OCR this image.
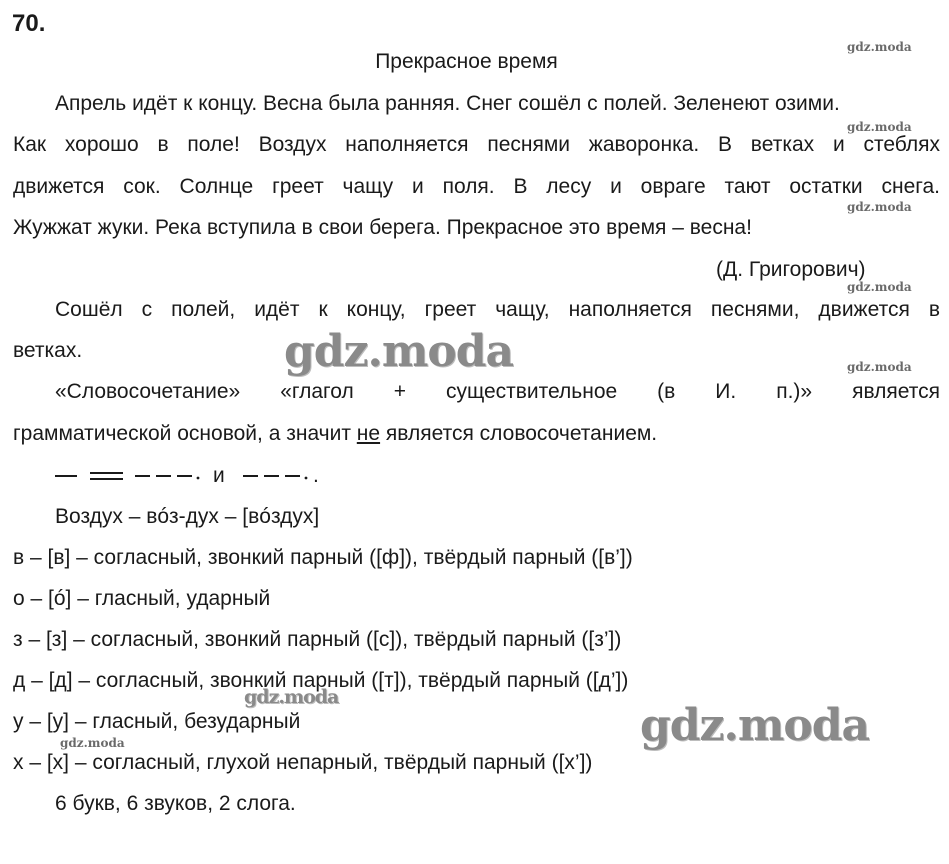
70.
Прекрасное время
Апрель идёт к концу. Весна была ранняя. Снег сошёл с полей. Зеленеют озими.
Как хорошо в поле! Воздух наполняется песнями жаворонка. В ветках и стеблях
движется сок. Солнце греет чащу и поля. В лесу и овраге тают остатки снега.
Жужжат жуки. Река вступила в свои берега. Прекрасное это время – весна!
(Д. Григорович)
Сошёл с полей, идёт к концу, греет чащу, наполняется песнями, движется в
ветках.
«Словосочетание» «глагол + существительное (в И. п.)» является
грамматической основой, а значит не является словосочетанием.
и	.
Воздух – вóз-дух – [вóздух]
в – [в] – согласный, звонкий парный ([ф]), твёрдый парный ([в’])
о – [ó] – гласный, ударный
з – [з] – согласный, звонкий парный ([с]), твёрдый парный ([з’])
д – [д] – согласный, звонкий парный ([т]), твёрдый парный ([д’])
у – [у] – гласный, безударный
х – [х] – согласный, глухой непарный, твёрдый парный ([х’])
6 букв, 6 звуков, 2 слога.
gdz.moda
gdz.moda
gdz.moda
gdz.moda
gdz.moda
gdz.moda
gdz.moda
gdz.moda
gdz.moda
